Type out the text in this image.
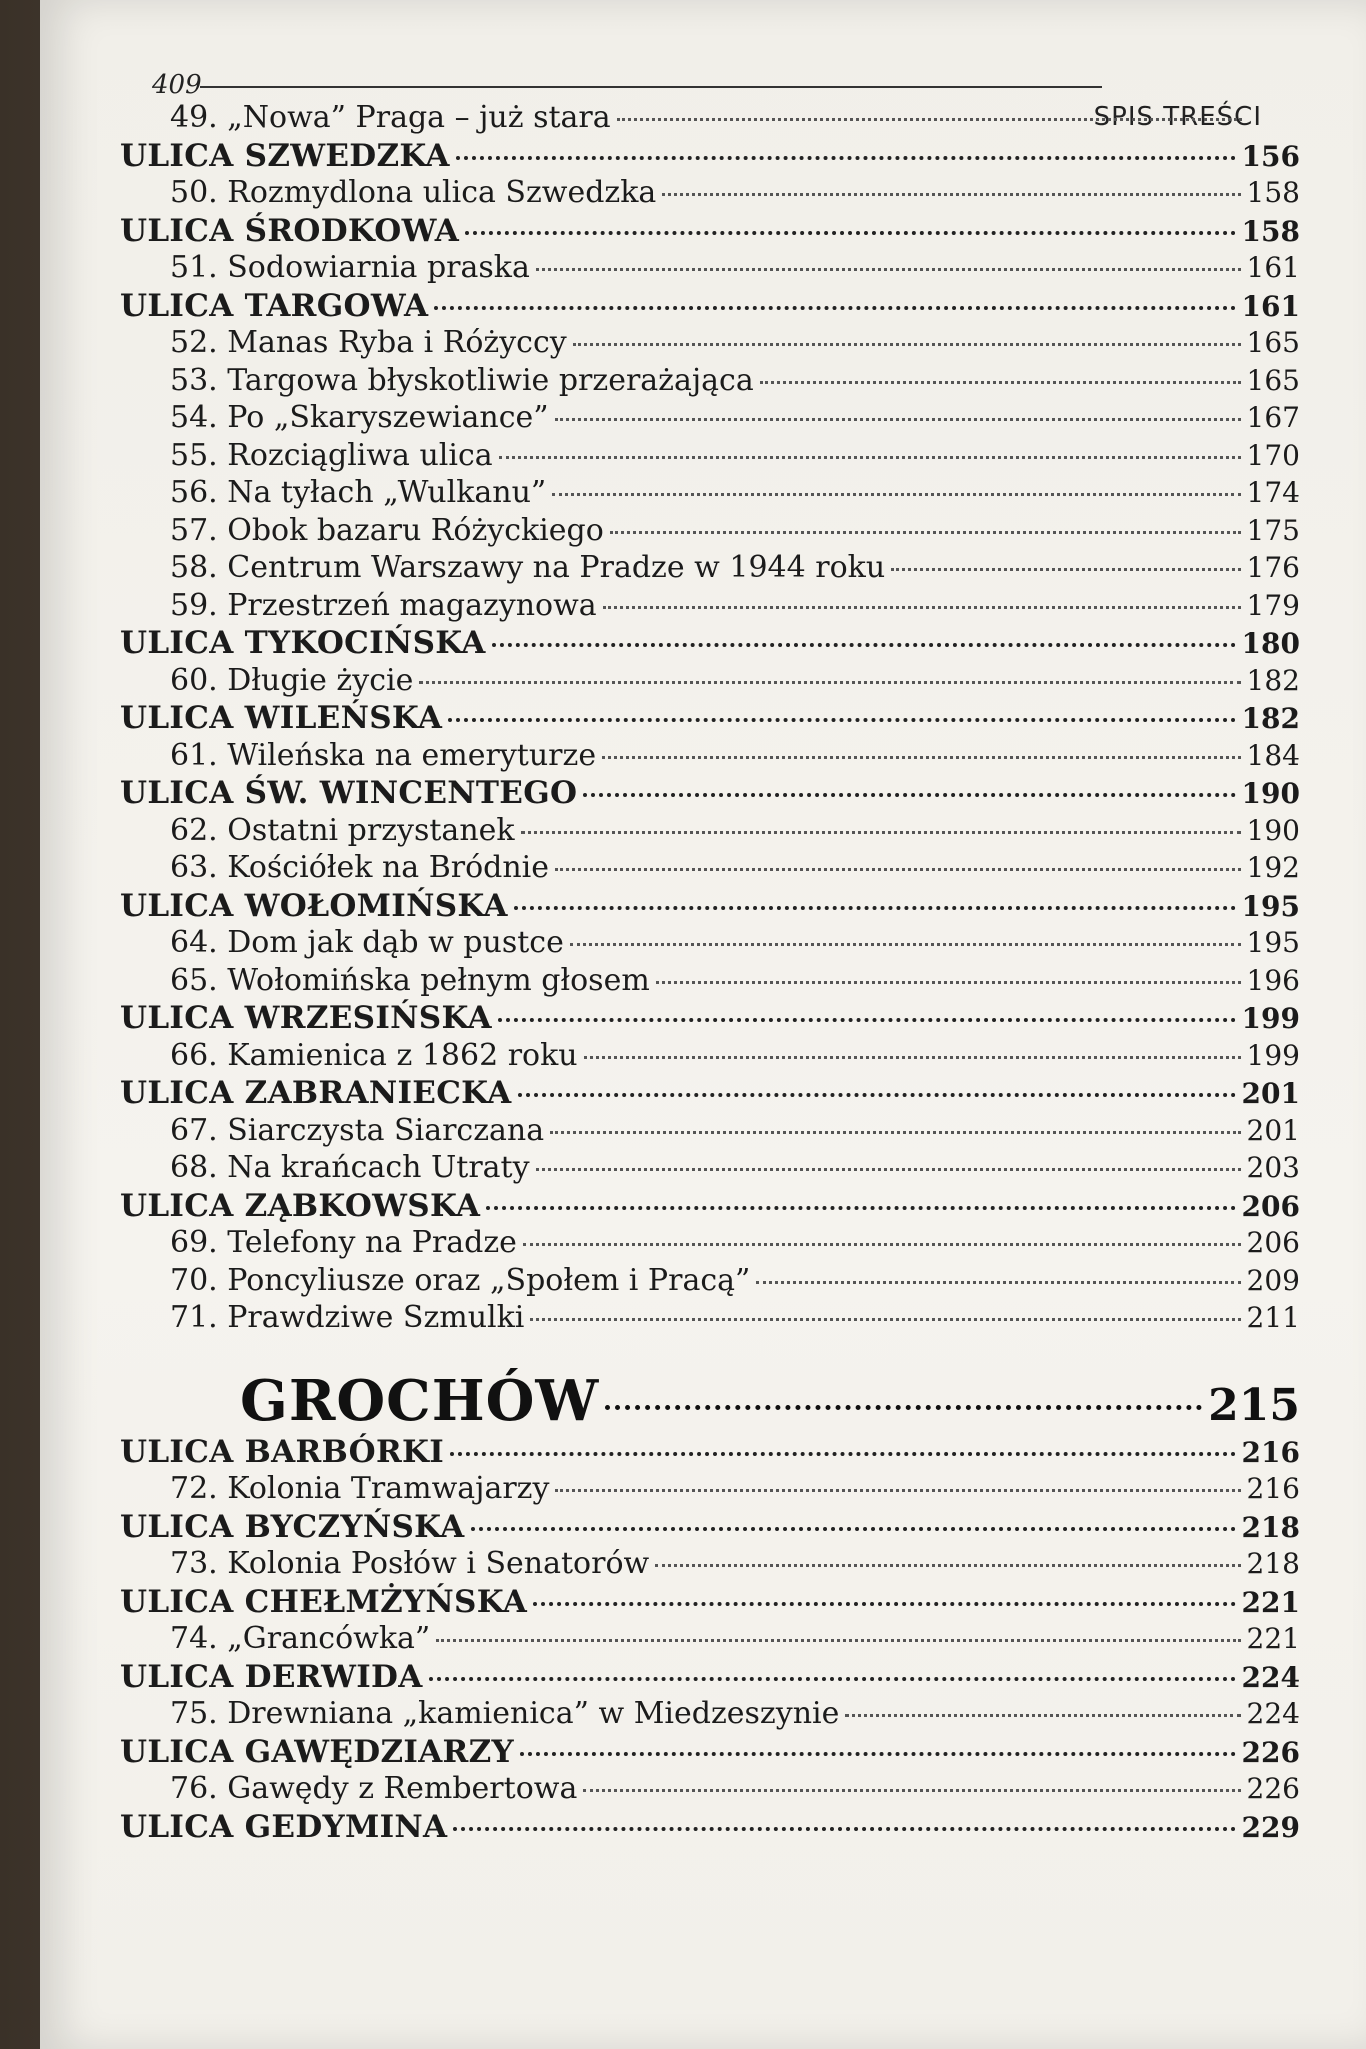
409
SPIS TREŚCI
49. „Nowa” Praga – już stara
ULICA SZWEDZKA	156
50. Rozmydlona ulica Szwedzka	158
ULICA ŚRODKOWA	158
51. Sodowiarnia praska	161
ULICA TARGOWA	161
52. Manas Ryba i Różyccy	165
53. Targowa błyskotliwie przerażająca	165
54. Po „Skaryszewiance”	167
55. Rozciągliwa ulica	170
56. Na tyłach „Wulkanu”	174
57. Obok bazaru Różyckiego	175
58. Centrum Warszawy na Pradze w 1944 roku	176
59. Przestrzeń magazynowa	179
ULICA TYKOCIŃSKA	180
60. Długie życie	182
ULICA WILEŃSKA	182
61. Wileńska na emeryturze	184
ULICA ŚW. WINCENTEGO	190
62. Ostatni przystanek	190
63. Kościółek na Bródnie	192
ULICA WOŁOMIŃSKA	195
64. Dom jak dąb w pustce	195
65. Wołomińska pełnym głosem	196
ULICA WRZESIŃSKA	199
66. Kamienica z 1862 roku	199
ULICA ZABRANIECKA	201
67. Siarczysta Siarczana	201
68. Na krańcach Utraty	203
ULICA ZĄBKOWSKA	206
69. Telefony na Pradze	206
70. Poncyliusze oraz „Społem i Pracą”	209
71. Prawdziwe Szmulki	211
GROCHÓW	215
ULICA BARBÓRKI	216
72. Kolonia Tramwajarzy	216
ULICA BYCZYŃSKA	218
73. Kolonia Posłów i Senatorów	218
ULICA CHEŁMŻYŃSKA	221
74. „Grancówka”	221
ULICA DERWIDA	224
75. Drewniana „kamienica” w Miedzeszynie	224
ULICA GAWĘDZIARZY	226
76. Gawędy z Rembertowa	226
ULICA GEDYMINA	229
